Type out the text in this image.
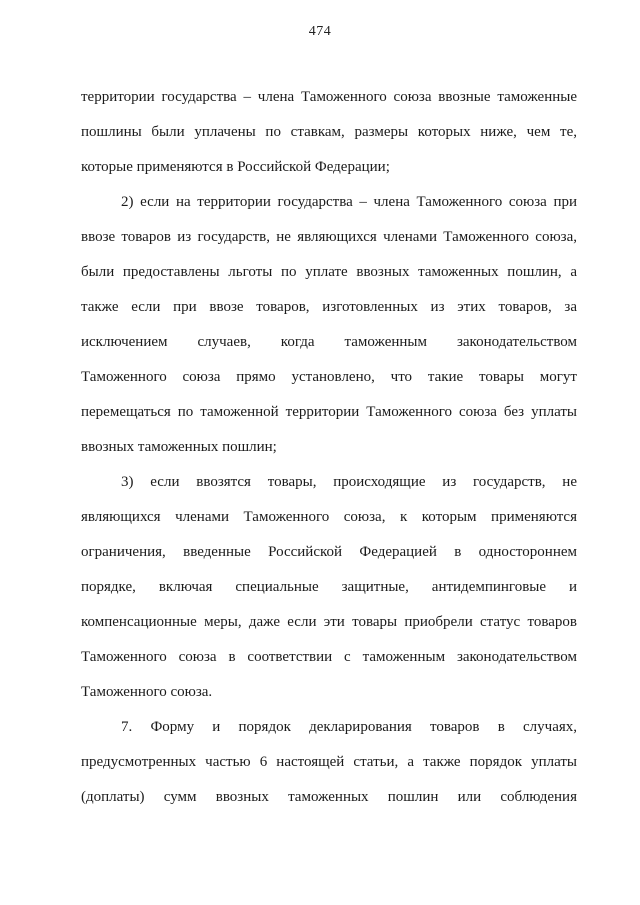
474
территории государства – члена Таможенного союза ввозные таможенные
пошлины были уплачены по ставкам, размеры которых ниже, чем те,
которые применяются в Российской Федерации;
2) если на территории государства – члена Таможенного союза при
ввозе товаров из государств, не являющихся членами Таможенного союза,
были предоставлены льготы по уплате ввозных таможенных пошлин, а
также если при ввозе товаров, изготовленных из этих товаров, за
исключением случаев, когда таможенным законодательством
Таможенного союза прямо установлено, что такие товары могут
перемещаться по таможенной территории Таможенного союза без уплаты
ввозных таможенных пошлин;
3) если ввозятся товары, происходящие из государств, не
являющихся членами Таможенного союза, к которым применяются
ограничения, введенные Российской Федерацией в одностороннем
порядке, включая специальные защитные, антидемпинговые и
компенсационные меры, даже если эти товары приобрели статус товаров
Таможенного союза в соответствии с таможенным законодательством
Таможенного союза.
7. Форму и порядок декларирования товаров в случаях,
предусмотренных частью 6 настоящей статьи, а также порядок уплаты
(доплаты) сумм ввозных таможенных пошлин или соблюдения
